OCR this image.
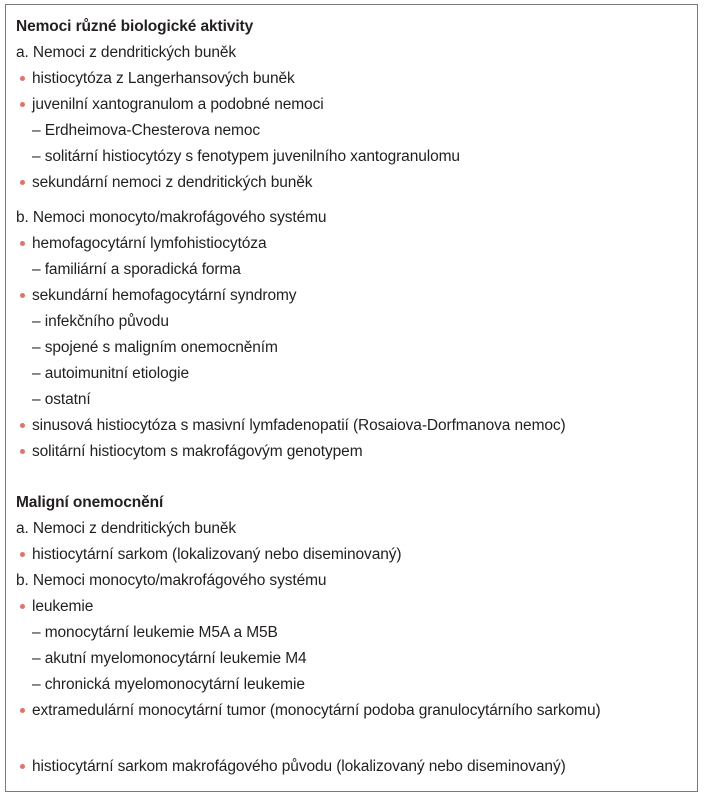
Nemoci různé biologické aktivity
a. Nemoci z dendritických buněk
histiocytóza z Langerhansových buněk
juvenilní xantogranulom a podobné nemoci
– Erdheimova-Chesterova nemoc
– solitární histiocytózy s fenotypem juvenilního xantogranulomu
sekundární nemoci z dendritických buněk
b. Nemoci monocyto/makrofágového systému
hemofagocytární lymfohistiocytóza
– familiární a sporadická forma
sekundární hemofagocytární syndromy
– infekčního původu
– spojené s maligním onemocněním
– autoimunitní etiologie
– ostatní
sinusová histiocytóza s masivní lymfadenopatií (Rosaiova-Dorfmanova nemoc)
solitární histiocytom s makrofágovým genotypem
Maligní onemocnění
a. Nemoci z dendritických buněk
histiocytární sarkom (lokalizovaný nebo diseminovaný)
b. Nemoci monocyto/makrofágového systému
leukemie
– monocytární leukemie M5A a M5B
– akutní myelomonocytární leukemie M4
– chronická myelomonocytární leukemie
extramedulární monocytární tumor (monocytární podoba granulocytárního sarkomu)
histiocytární sarkom makrofágového původu (lokalizovaný nebo diseminovaný)
